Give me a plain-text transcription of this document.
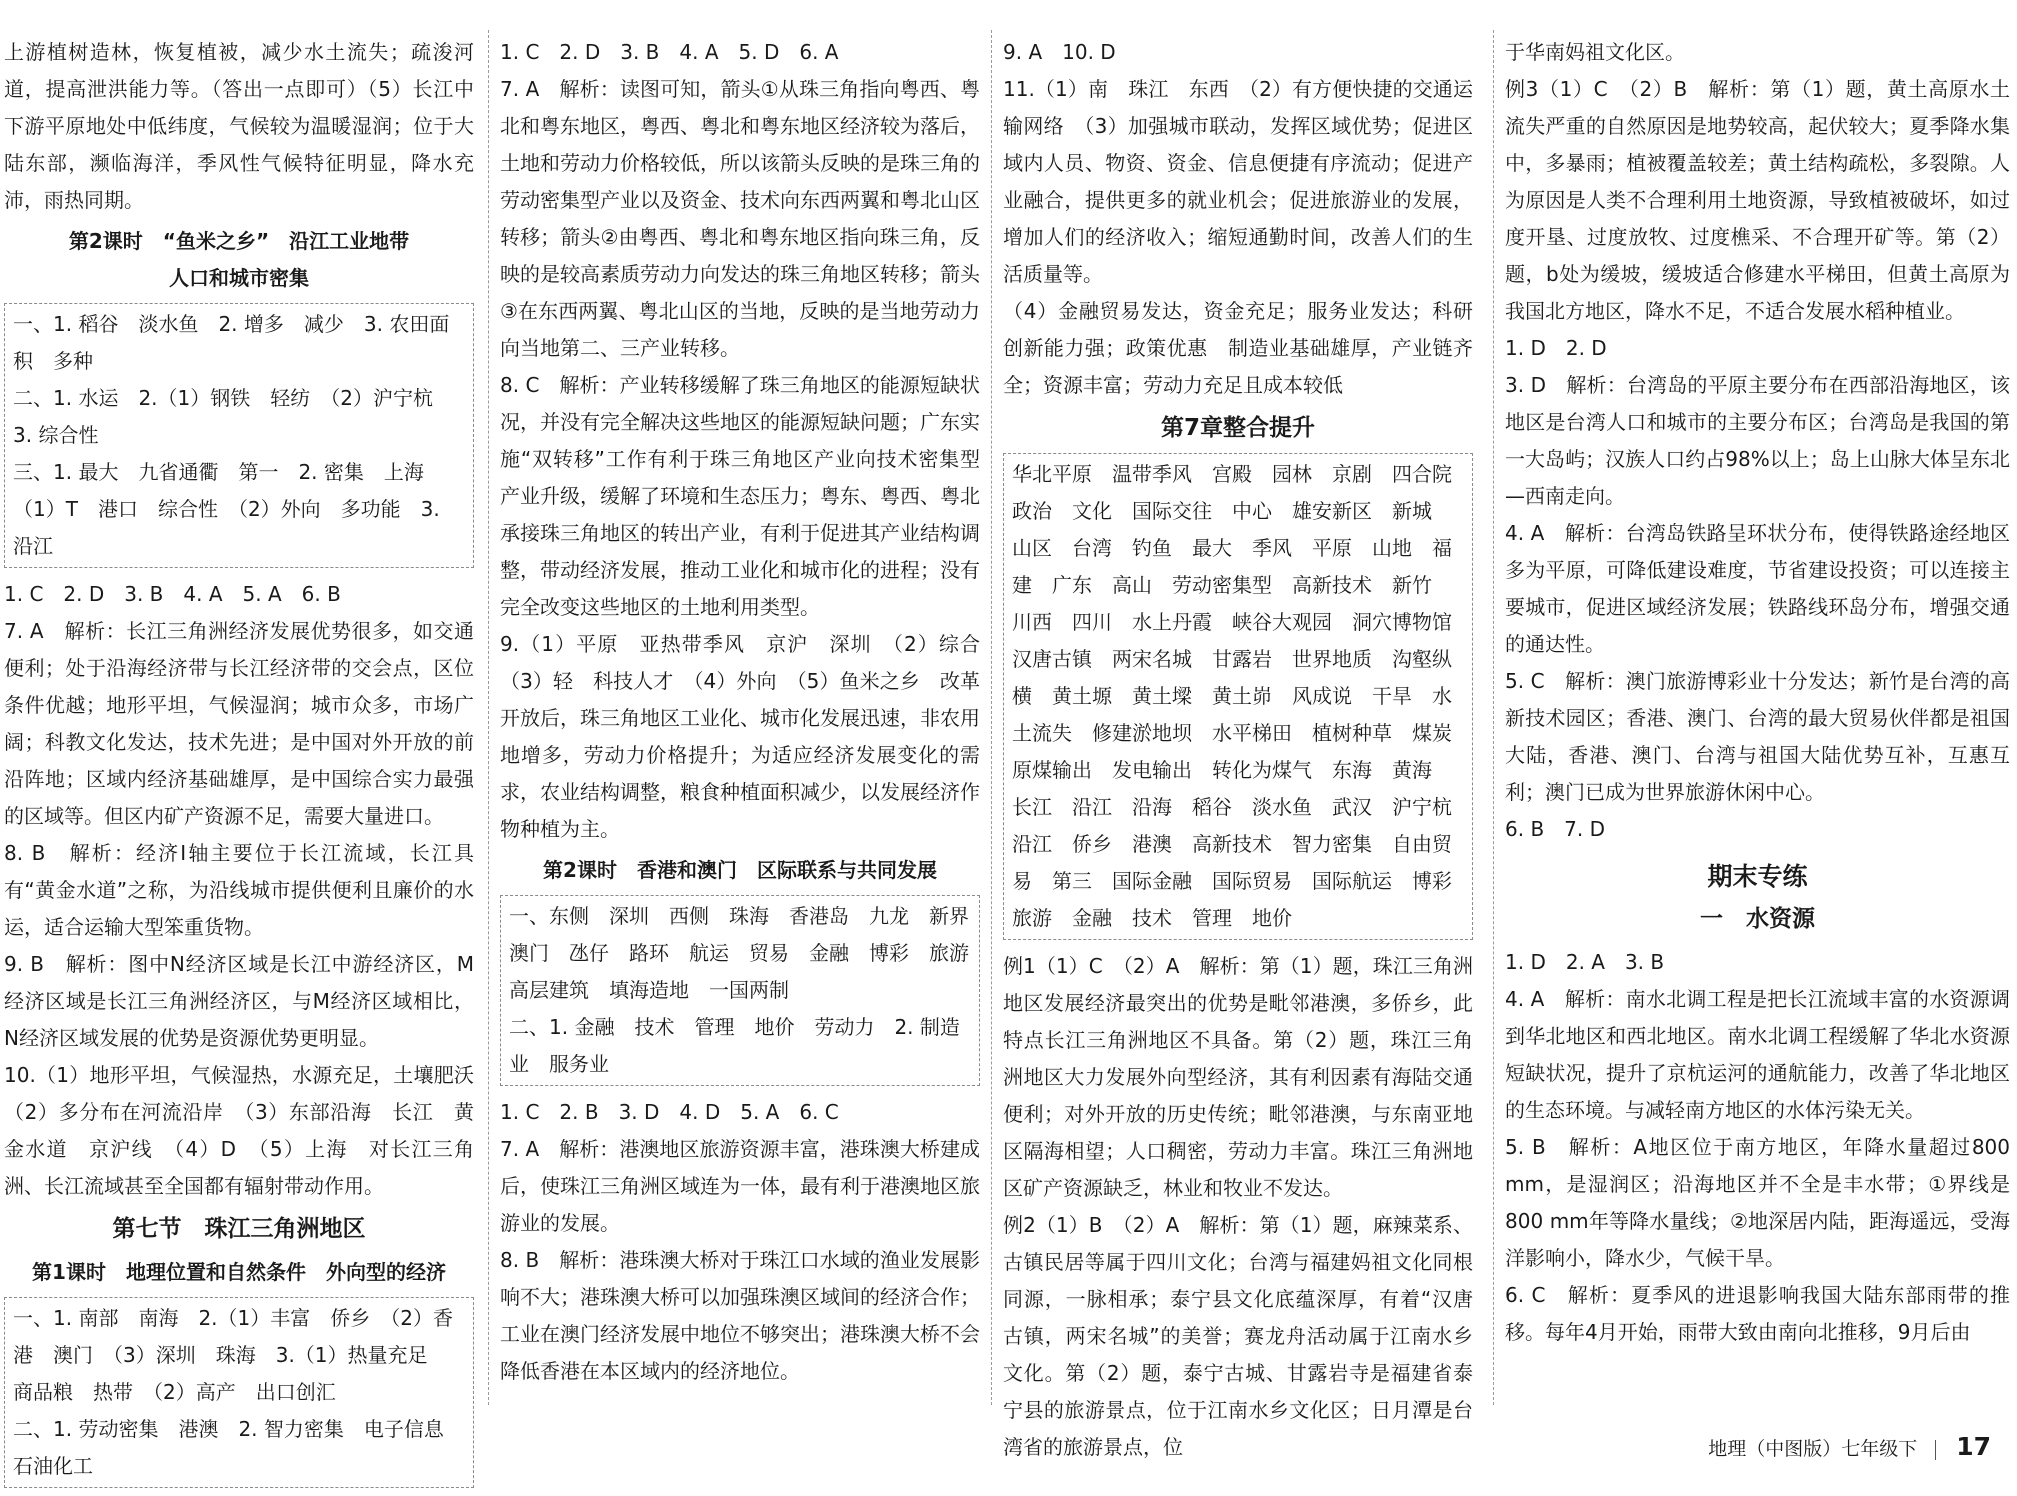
上游植树造林，恢复植被，减少水土流失；疏浚河道，提高泄洪能力等。（答出一点即可）（5）长江中下游平原地处中低纬度，气候较为温暖湿润；位于大陆东部，濒临海洋，季风性气候特征明显，降水充沛，雨热同期。

第2课时　“鱼米之乡”　沿江工业地带
人口和城市密集

一、1. 稻谷　淡水鱼　2. 增多　减少　3. 农田面积　多种

二、1. 水运　2.（1）钢铁　轻纺　（2）沪宁杭　3. 综合性

三、1. 最大　九省通衢　第一　2. 密集　上海（1）T　港口　综合性　（2）外向　多功能　3. 沿江

1. C　2. D　3. B　4. A　5. A　6. B

7. A　解析：长江三角洲经济发展优势很多，如交通便利；处于沿海经济带与长江经济带的交会点，区位条件优越；地形平坦，气候湿润；城市众多，市场广阔；科教文化发达，技术先进；是中国对外开放的前沿阵地；区域内经济基础雄厚，是中国综合实力最强的区域等。但区内矿产资源不足，需要大量进口。

8. B　解析：经济Ⅰ轴主要位于长江流域，长江具有“黄金水道”之称，为沿线城市提供便利且廉价的水运，适合运输大型笨重货物。

9. B　解析：图中N经济区域是长江中游经济区，M经济区域是长江三角洲经济区，与M经济区域相比，N经济区域发展的优势是资源优势更明显。

10.（1）地形平坦，气候湿热，水源充足，土壤肥沃（2）多分布在河流沿岸　（3）东部沿海　长江　黄金水道　京沪线　（4）D　（5）上海　对长江三角洲、长江流域甚至全国都有辐射带动作用。

第七节　珠江三角洲地区
第1课时　地理位置和自然条件　外向型的经济

一、1. 南部　南海　2.（1）丰富　侨乡　（2）香港　澳门　（3）深圳　珠海　3.（1）热量充足　商品粮　热带　（2）高产　出口创汇

二、1. 劳动密集　港澳　2. 智力密集　电子信息　石油化工

1. C　2. D　3. B　4. A　5. D　6. A

7. A　解析：读图可知，箭头①从珠三角指向粤西、粤北和粤东地区，粤西、粤北和粤东地区经济较为落后，土地和劳动力价格较低，所以该箭头反映的是珠三角的劳动密集型产业以及资金、技术向东西两翼和粤北山区转移；箭头②由粤西、粤北和粤东地区指向珠三角，反映的是较高素质劳动力向发达的珠三角地区转移；箭头③在东西两翼、粤北山区的当地，反映的是当地劳动力向当地第二、三产业转移。

8. C　解析：产业转移缓解了珠三角地区的能源短缺状况，并没有完全解决这些地区的能源短缺问题；广东实施“双转移”工作有利于珠三角地区产业向技术密集型产业升级，缓解了环境和生态压力；粤东、粤西、粤北承接珠三角地区的转出产业，有利于促进其产业结构调整，带动经济发展，推动工业化和城市化的进程；没有完全改变这些地区的土地利用类型。

9.（1）平原　亚热带季风　京沪　深圳　（2）综合　（3）轻　科技人才　（4）外向　（5）鱼米之乡　改革开放后，珠三角地区工业化、城市化发展迅速，非农用地增多，劳动力价格提升；为适应经济发展变化的需求，农业结构调整，粮食种植面积减少，以发展经济作物种植为主。

第2课时　香港和澳门　区际联系与共同发展

一、东侧　深圳　西侧　珠海　香港岛　九龙　新界　澳门　氹仔　路环　航运　贸易　金融　博彩　旅游　高层建筑　填海造地　一国两制

二、1. 金融　技术　管理　地价　劳动力　2. 制造业　服务业

1. C　2. B　3. D　4. D　5. A　6. C

7. A　解析：港澳地区旅游资源丰富，港珠澳大桥建成后，使珠江三角洲区域连为一体，最有利于港澳地区旅游业的发展。

8. B　解析：港珠澳大桥对于珠江口水域的渔业发展影响不大；港珠澳大桥可以加强珠澳区域间的经济合作；工业在澳门经济发展中地位不够突出；港珠澳大桥不会降低香港在本区域内的经济地位。

9. A　10. D

11.（1）南　珠江　东西　（2）有方便快捷的交通运输网络　（3）加强城市联动，发挥区域优势；促进区域内人员、物资、资金、信息便捷有序流动；促进产业融合，提供更多的就业机会；促进旅游业的发展，增加人们的经济收入；缩短通勤时间，改善人们的生活质量等。

（4）金融贸易发达，资金充足；服务业发达；科研创新能力强；政策优惠　制造业基础雄厚，产业链齐全；资源丰富；劳动力充足且成本较低

第7章整合提升

华北平原　温带季风　宫殿　园林　京剧　四合院　政治　文化　国际交往　中心　雄安新区　新城　山区　台湾　钓鱼　最大　季风　平原　山地　福建　广东　高山　劳动密集型　高新技术　新竹　川西　四川　水上丹霞　峡谷大观园　洞穴博物馆　汉唐古镇　两宋名城　甘露岩　世界地质　沟壑纵横　黄土塬　黄土墚　黄土峁　风成说　干旱　水土流失　修建淤地坝　水平梯田　植树种草　煤炭　原煤输出　发电输出　转化为煤气　东海　黄海　长江　沿江　沿海　稻谷　淡水鱼　武汉　沪宁杭　沿江　侨乡　港澳　高新技术　智力密集　自由贸易　第三　国际金融　国际贸易　国际航运　博彩　旅游　金融　技术　管理　地价

例1（1）C　（2）A　解析：第（1）题，珠江三角洲地区发展经济最突出的优势是毗邻港澳，多侨乡，此特点长江三角洲地区不具备。第（2）题，珠江三角洲地区大力发展外向型经济，其有利因素有海陆交通便利；对外开放的历史传统；毗邻港澳，与东南亚地区隔海相望；人口稠密，劳动力丰富。珠江三角洲地区矿产资源缺乏，林业和牧业不发达。

例2（1）B　（2）A　解析：第（1）题，麻辣菜系、古镇民居等属于四川文化；台湾与福建妈祖文化同根同源，一脉相承；泰宁县文化底蕴深厚，有着“汉唐古镇，两宋名城”的美誉；赛龙舟活动属于江南水乡文化。第（2）题，泰宁古城、甘露岩寺是福建省泰宁县的旅游景点，位于江南水乡文化区；日月潭是台湾省的旅游景点，位

于华南妈祖文化区。

例3（1）C　（2）B　解析：第（1）题，黄土高原水土流失严重的自然原因是地势较高，起伏较大；夏季降水集中，多暴雨；植被覆盖较差；黄土结构疏松，多裂隙。人为原因是人类不合理利用土地资源，导致植被破坏，如过度开垦、过度放牧、过度樵采、不合理开矿等。第（2）题，b处为缓坡，缓坡适合修建水平梯田，但黄土高原为我国北方地区，降水不足，不适合发展水稻种植业。

1. D　2. D

3. D　解析：台湾岛的平原主要分布在西部沿海地区，该地区是台湾人口和城市的主要分布区；台湾岛是我国的第一大岛屿；汉族人口约占98%以上；岛上山脉大体呈东北—西南走向。

4. A　解析：台湾岛铁路呈环状分布，使得铁路途经地区多为平原，可降低建设难度，节省建设投资；可以连接主要城市，促进区域经济发展；铁路线环岛分布，增强交通的通达性。

5. C　解析：澳门旅游博彩业十分发达；新竹是台湾的高新技术园区；香港、澳门、台湾的最大贸易伙伴都是祖国大陆，香港、澳门、台湾与祖国大陆优势互补，互惠互利；澳门已成为世界旅游休闲中心。

6. B　7. D

期末专练
一　水资源

1. D　2. A　3. B

4. A　解析：南水北调工程是把长江流域丰富的水资源调到华北地区和西北地区。南水北调工程缓解了华北水资源短缺状况，提升了京杭运河的通航能力，改善了华北地区的生态环境。与减轻南方地区的水体污染无关。

5. B　解析：A地区位于南方地区，年降水量超过800 mm，是湿润区；沿海地区并不全是丰水带；①界线是800 mm年等降水量线；②地深居内陆，距海遥远，受海洋影响小，降水少，气候干旱。

6. C　解析：夏季风的进退影响我国大陆东部雨带的推移。每年4月开始，雨带大致由南向北推移，9月后由

地理（中图版）七年级下 17
